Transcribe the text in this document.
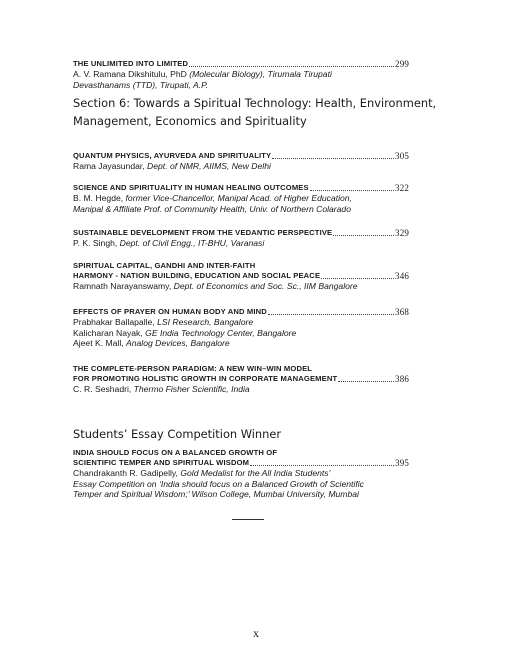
THE UNLIMITED INTO LIMITED	299
A. V. Ramana Dikshitulu, PhD (Molecular Biology), Tirumala Tirupati
Devasthanams (TTD), Tirupati, A.P.
Section 6: Towards a Spiritual Technology: Health, Environment,
Management, Economics and Spirituality
QUANTUM PHYSICS, AYURVEDA AND SPIRITUALITY	305
Rama Jayasundar, Dept. of NMR, AIIMS, New Delhi
SCIENCE AND SPIRITUALITY IN HUMAN HEALING OUTCOMES	322
B. M. Hegde, former Vice-Chancellor, Manipal Acad. of Higher Education,
Manipal & Affiliate Prof. of Community Health, Univ. of Northern Colarado
SUSTAINABLE DEVELOPMENT FROM THE VEDANTIC PERSPECTIVE	329
P. K. Singh, Dept. of Civil Engg., IT-BHU, Varanasi
SPIRITUAL CAPITAL, GANDHI AND INTER-FAITH
HARMONY - NATION BUILDING, EDUCATION AND SOCIAL PEACE	346
Ramnath Narayanswamy, Dept. of Economics and Soc. Sc., IIM Bangalore
EFFECTS OF PRAYER ON HUMAN BODY AND MIND	368
Prabhakar Ballapalle, LSI Research, Bangalore
Kalicharan Nayak, GE India Technology Center, Bangalore
Ajeet K. Mall, Analog Devices, Bangalore
THE COMPLETE-PERSON PARADIGM: A NEW WIN–WIN MODEL
FOR PROMOTING HOLISTIC GROWTH IN CORPORATE MANAGEMENT	386
C. R. Seshadri, Thermo Fisher Scientific, India
Students’ Essay Competition Winner
INDIA SHOULD FOCUS ON A BALANCED GROWTH OF
SCIENTIFIC TEMPER AND SPIRITUAL WISDOM	395
Chandrakanth R. Gadipelly, Gold Medalist for the All India Students’
Essay Competition on ‘India should focus on a Balanced Growth of Scientific
Temper and Spiritual Wisdom;’ Wilson College, Mumbai University, Mumbai
x
